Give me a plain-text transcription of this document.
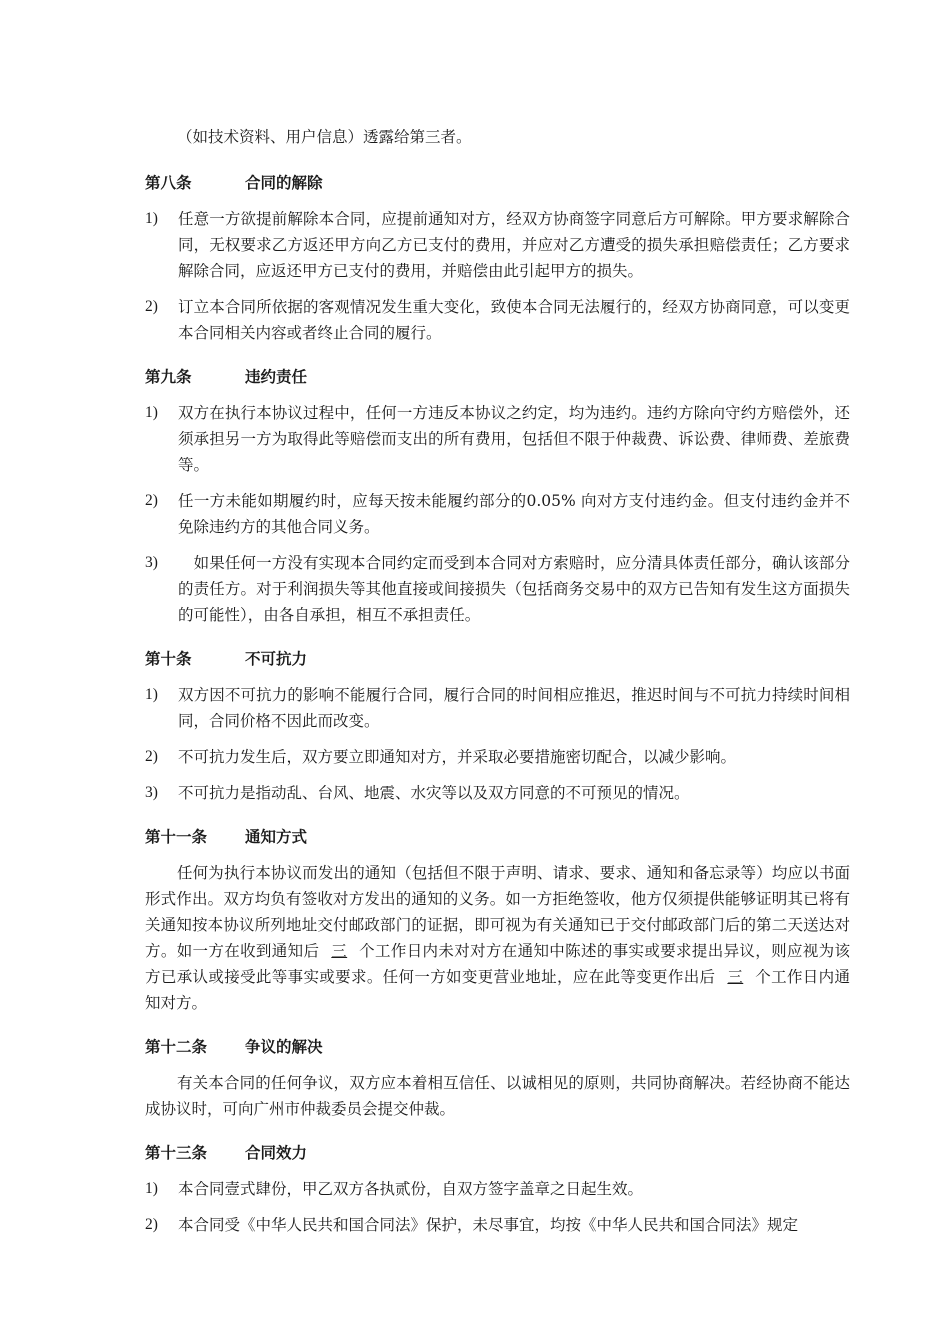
（如技术资料、用户信息）透露给第三者。

第八条	合同的解除
1)	任意一方欲提前解除本合同，应提前通知对方，经双方协商签字同意后方可解除。甲方要求解除合同，无权要求乙方返还甲方向乙方已支付的费用，并应对乙方遭受的损失承担赔偿责任；乙方要求解除合同，应返还甲方已支付的费用，并赔偿由此引起甲方的损失。
2)	订立本合同所依据的客观情况发生重大变化，致使本合同无法履行的，经双方协商同意，可以变更本合同相关内容或者终止合同的履行。
第九条	违约责任
1)	双方在执行本协议过程中，任何一方违反本协议之约定，均为违约。违约方除向守约方赔偿外，还须承担另一方为取得此等赔偿而支出的所有费用，包括但不限于仲裁费、诉讼费、律师费、差旅费等。
2)	任一方未能如期履约时，应每天按未能履约部分的0.05% 向对方支付违约金。但支付违约金并不免除违约方的其他合同义务。
3)	　如果任何一方没有实现本合同约定而受到本合同对方索赔时，应分清具体责任部分，确认该部分的责任方。对于利润损失等其他直接或间接损失（包括商务交易中的双方已告知有发生这方面损失的可能性），由各自承担，相互不承担责任。
第十条	不可抗力
1)	双方因不可抗力的影响不能履行合同，履行合同的时间相应推迟，推迟时间与不可抗力持续时间相同，合同价格不因此而改变。
2)	不可抗力发生后，双方要立即通知对方，并采取必要措施密切配合，以减少影响。
3)	不可抗力是指动乱、台风、地震、水灾等以及双方同意的不可预见的情况。
第十一条	通知方式

任何为执行本协议而发出的通知（包括但不限于声明、请求、要求、通知和备忘录等）均应以书面形式作出。双方均负有签收对方发出的通知的义务。如一方拒绝签收，他方仅须提供能够证明其已将有关通知按本协议所列地址交付邮政部门的证据，即可视为有关通知已于交付邮政部门后的第二天送达对方。如一方在收到通知后 三 个工作日内未对对方在通知中陈述的事实或要求提出异议，则应视为该方已承认或接受此等事实或要求。任何一方如变更营业地址，应在此等变更作出后 三 个工作日内通知对方。

第十二条	争议的解决

有关本合同的任何争议，双方应本着相互信任、以诚相见的原则，共同协商解决。若经协商不能达成协议时，可向广州市仲裁委员会提交仲裁。

第十三条	合同效力
1)	本合同壹式肆份，甲乙双方各执贰份，自双方签字盖章之日起生效。
2)	本合同受《中华人民共和国合同法》保护，未尽事宜，均按《中华人民共和国合同法》规定
